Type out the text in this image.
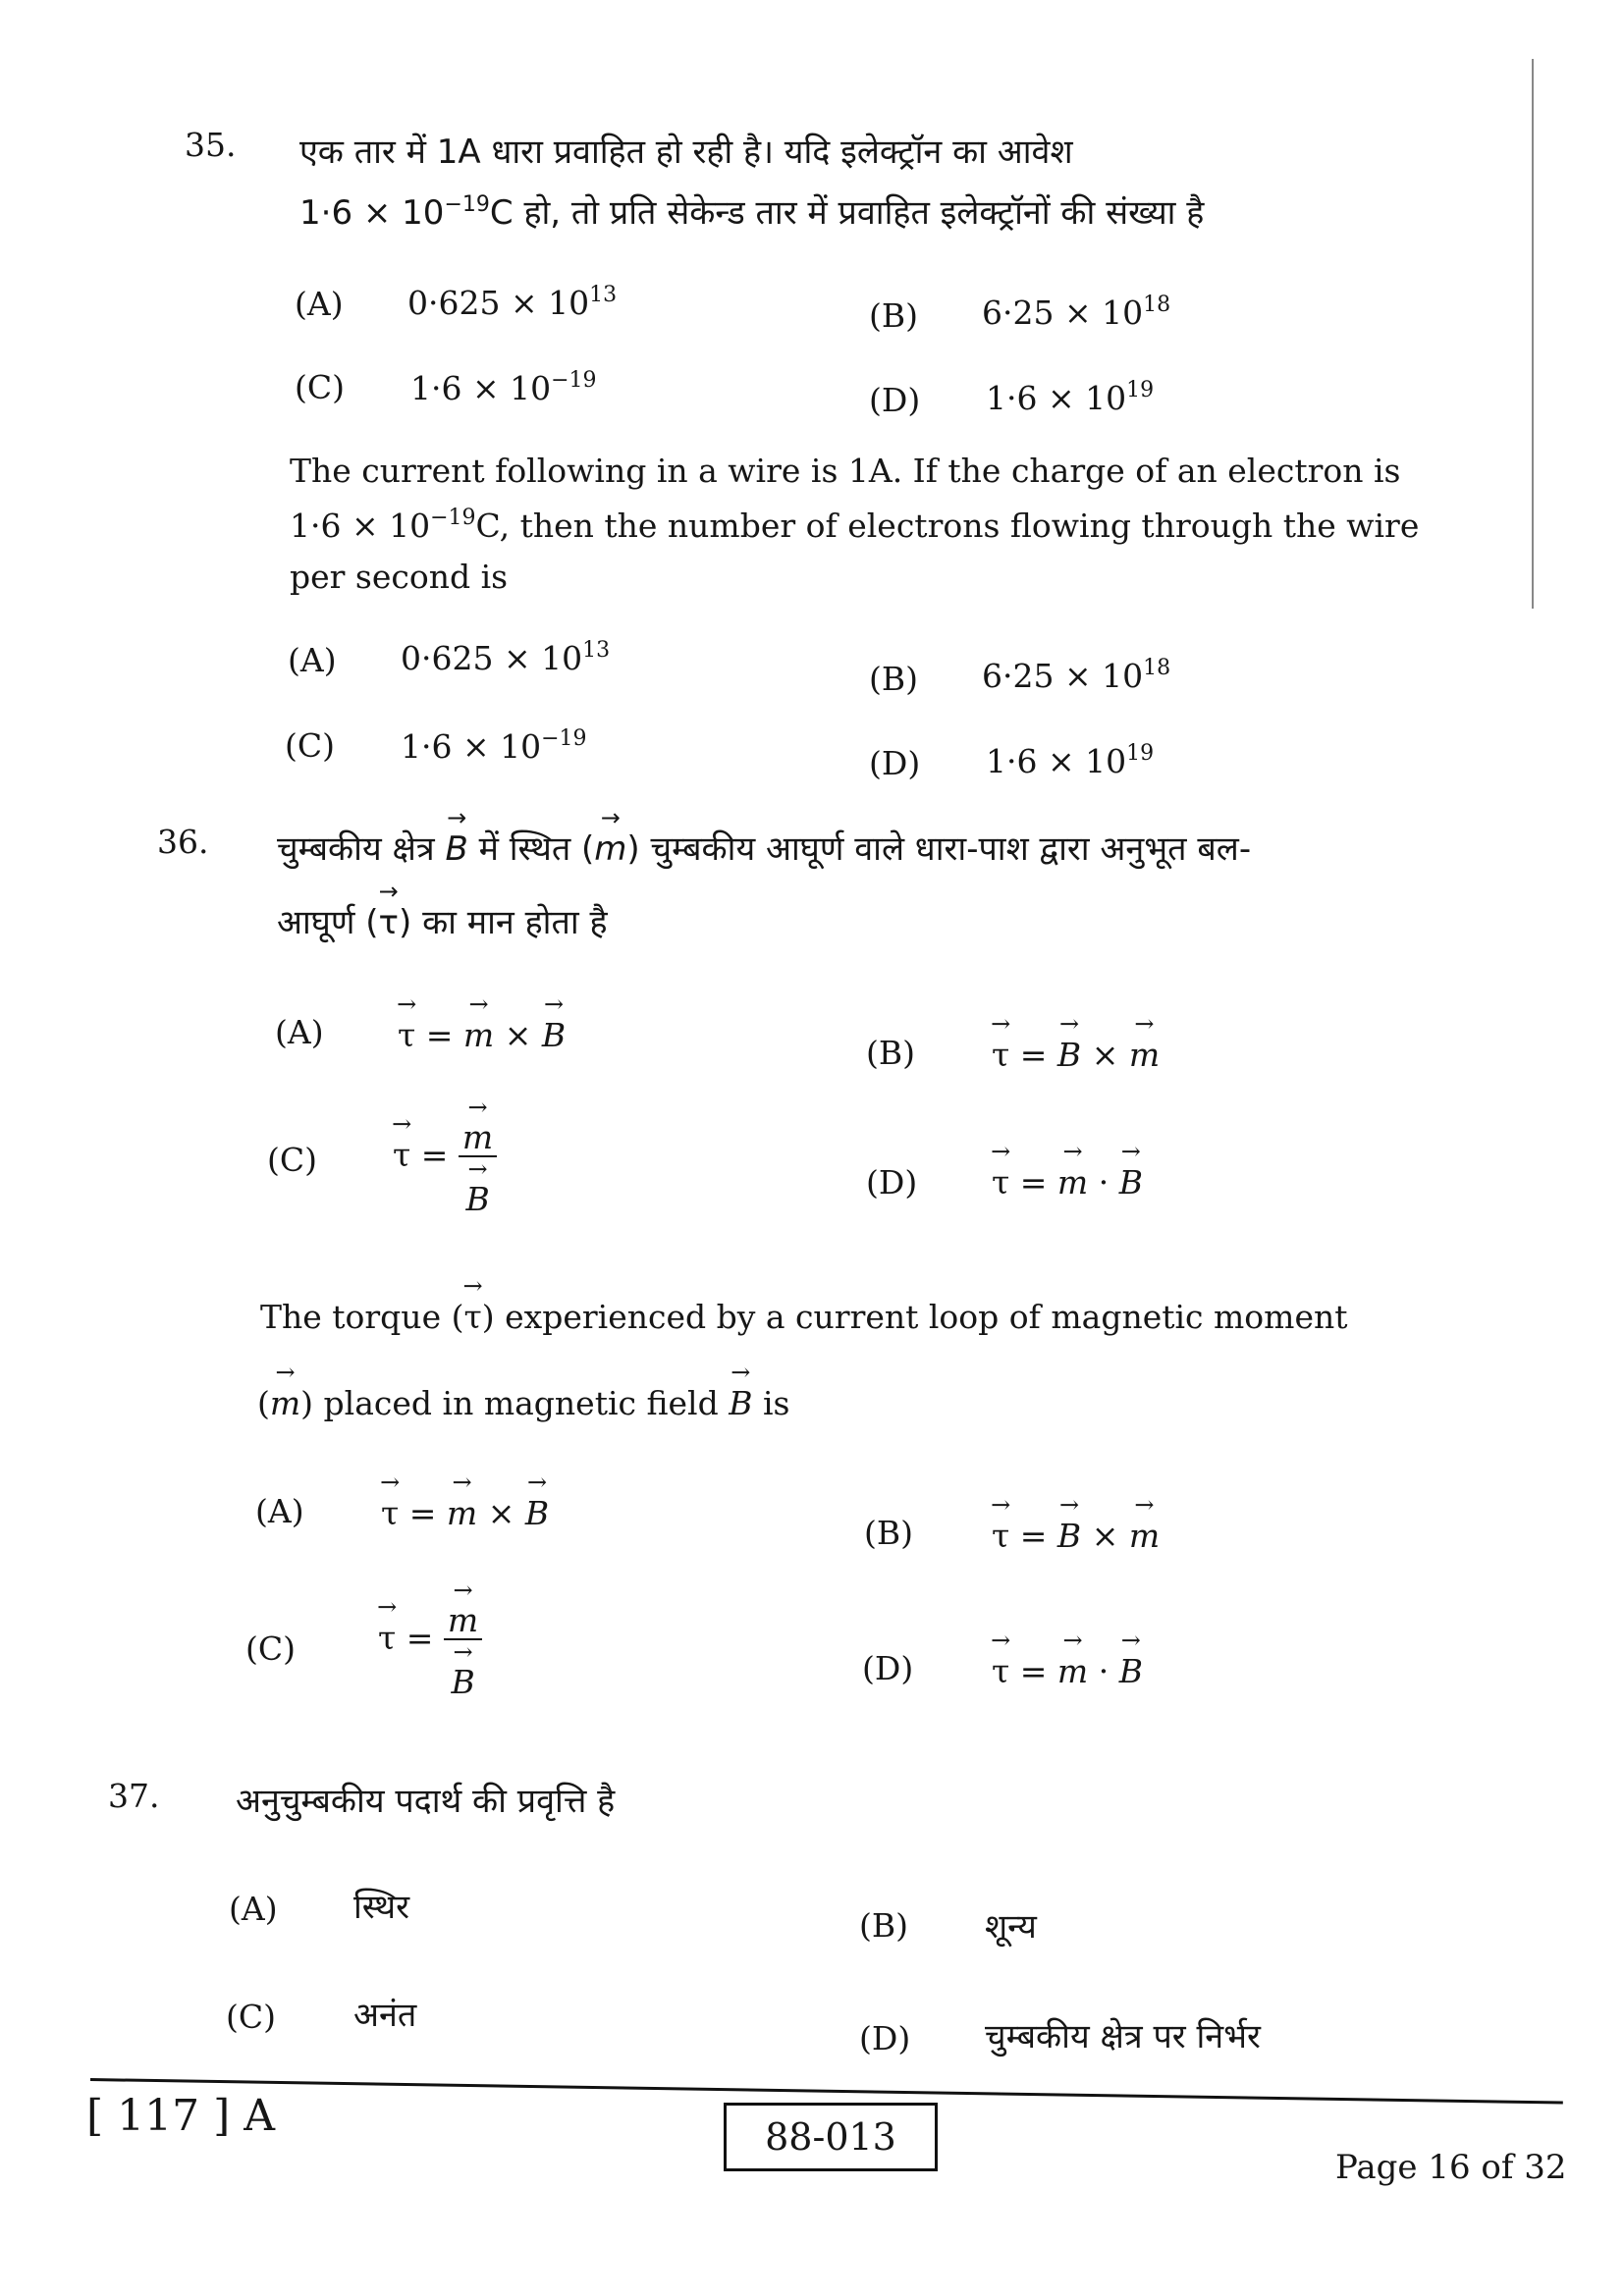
35. एक तार में 1A धारा प्रवाहित हो रही है। यदि इलेक्ट्रॉन का आवेश
$1\cdot 6 \times 10^{-19}C$ हो, तो प्रति सेकेन्ड तार में प्रवाहित इलेक्ट्रॉनों की संख्या है
(A) $0\cdot 625 \times 10^{13}$
(B) $6\cdot 25 \times 10^{18}$
(C) $1\cdot 6 \times 10^{-19}$
(D) $1\cdot 6 \times 10^{19}$
The current following in a wire is 1A. If the charge of an electron is
$1\cdot 6 \times 10^{-19}C$, then the number of electrons flowing through the wire
per second is
(A) $0\cdot 625 \times 10^{13}$
(B) $6\cdot 25 \times 10^{18}$
(C) $1\cdot 6 \times 10^{-19}$
(D) $1\cdot 6 \times 10^{19}$
36. चुम्बकीय क्षेत्र → B में स्थित (→ m) चुम्बकीय आघूर्ण वाले धारा-पाश द्वारा अनुभूत बल-
आघूर्ण (→ τ) का मान होता है
(A) → τ = → m × → B	(B) → τ = → B × → m
(C) → τ = → m
→ B	(D) → τ = → m · → B
The torque (→ τ) experienced by a current loop of magnetic moment
(→ m) placed in magnetic field → B is
(A) → τ = → m × → B
(B) → τ = → B × → m
(C)	→ τ = → m
→ B	(D) → τ = → m · → B
37. अनुचुम्बकीय पदार्थ की प्रवृत्ति है
(A) स्थिर	(B) शून्य
(C) अनंत
(D) चुम्बकीय क्षेत्र पर निर्भर
[ 117 ] A	88-013
Page 16 of 32
